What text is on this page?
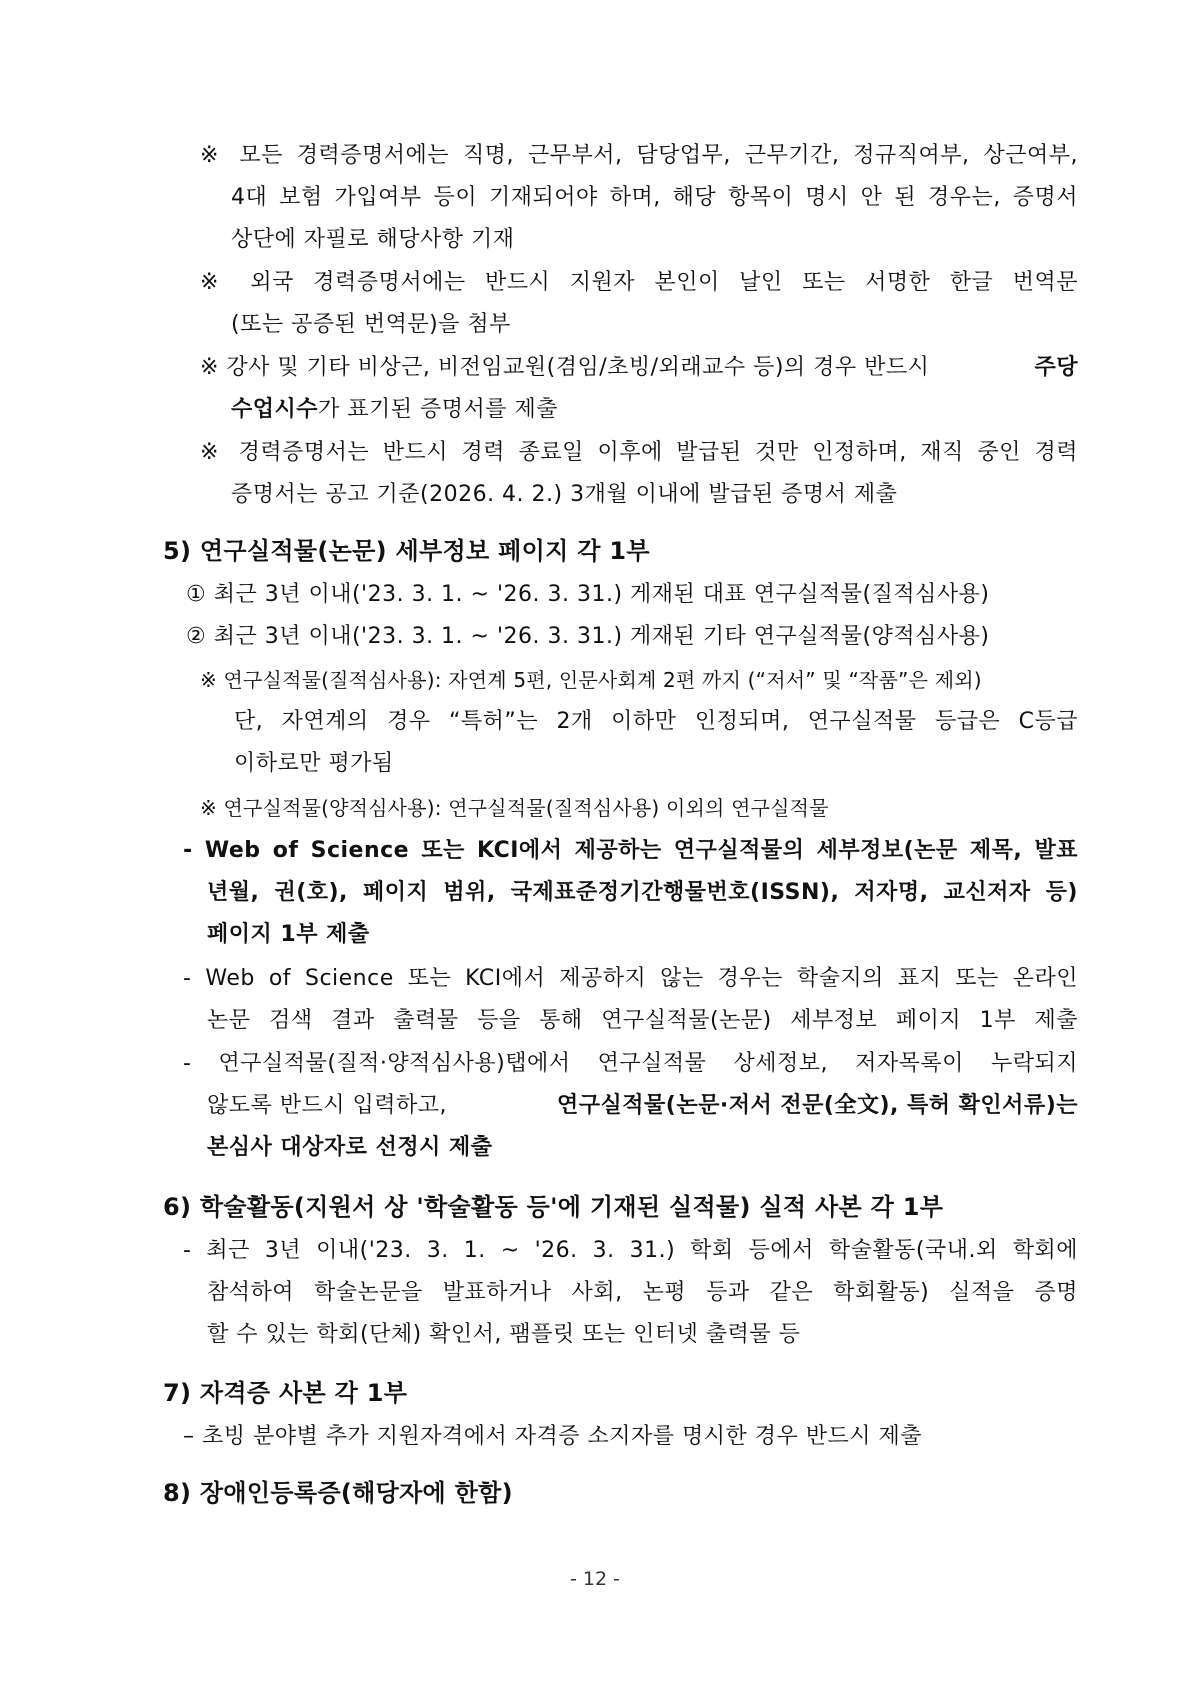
※ 모든 경력증명서에는 직명, 근무부서, 담당업무, 근무기간, 정규직여부, 상근여부,
4대 보험 가입여부 등이 기재되어야 하며, 해당 항목이 명시 안 된 경우는, 증명서
상단에 자필로 해당사항 기재
※ 외국 경력증명서에는 반드시 지원자 본인이 날인 또는 서명한 한글 번역문
(또는 공증된 번역문)을 첨부
※ 강사 및 기타 비상근, 비전임교원(겸임/초빙/외래교수 등)의 경우 반드시	주당
수업시수가 표기된 증명서를 제출
※ 경력증명서는 반드시 경력 종료일 이후에 발급된 것만 인정하며, 재직 중인 경력
증명서는 공고 기준(2026. 4. 2.) 3개월 이내에 발급된 증명서 제출
5) 연구실적물(논문) 세부정보 페이지 각 1부
① 최근 3년 이내('23. 3. 1. ~ '26. 3. 31.) 게재된 대표 연구실적물(질적심사용)
② 최근 3년 이내('23. 3. 1. ~ '26. 3. 31.) 게재된 기타 연구실적물(양적심사용)
※ 연구실적물(질적심사용): 자연계 5편, 인문사회계 2편 까지 (“저서” 및 “작품”은 제외)
단, 자연계의 경우 “특허”는 2개 이하만 인정되며, 연구실적물 등급은 C등급
이하로만 평가됨
※ 연구실적물(양적심사용): 연구실적물(질적심사용) 이외의 연구실적물
- Web of Science 또는 KCI에서 제공하는 연구실적물의 세부정보(논문 제목, 발표
년월, 권(호), 페이지 범위, 국제표준정기간행물번호(ISSN), 저자명, 교신저자 등)
페이지 1부 제출
- Web of Science 또는 KCI에서 제공하지 않는 경우는 학술지의 표지 또는 온라인
논문 검색 결과 출력물 등을 통해 연구실적물(논문) 세부정보 페이지 1부 제출
- 연구실적물(질적·양적심사용)탭에서 연구실적물 상세정보, 저자목록이 누락되지
않도록 반드시 입력하고,	연구실적물(논문·저서 전문(全文), 특허 확인서류)는
본심사 대상자로 선정시 제출
6) 학술활동(지원서 상 '학술활동 등'에 기재된 실적물) 실적 사본 각 1부
- 최근 3년 이내('23. 3. 1. ~ '26. 3. 31.) 학회 등에서 학술활동(국내.외 학회에
참석하여 학술논문을 발표하거나 사회, 논평 등과 같은 학회활동) 실적을 증명
할 수 있는 학회(단체) 확인서, 팸플릿 또는 인터넷 출력물 등
7) 자격증 사본 각 1부
– 초빙 분야별 추가 지원자격에서 자격증 소지자를 명시한 경우 반드시 제출
8) 장애인등록증(해당자에 한함)
- 12 -
